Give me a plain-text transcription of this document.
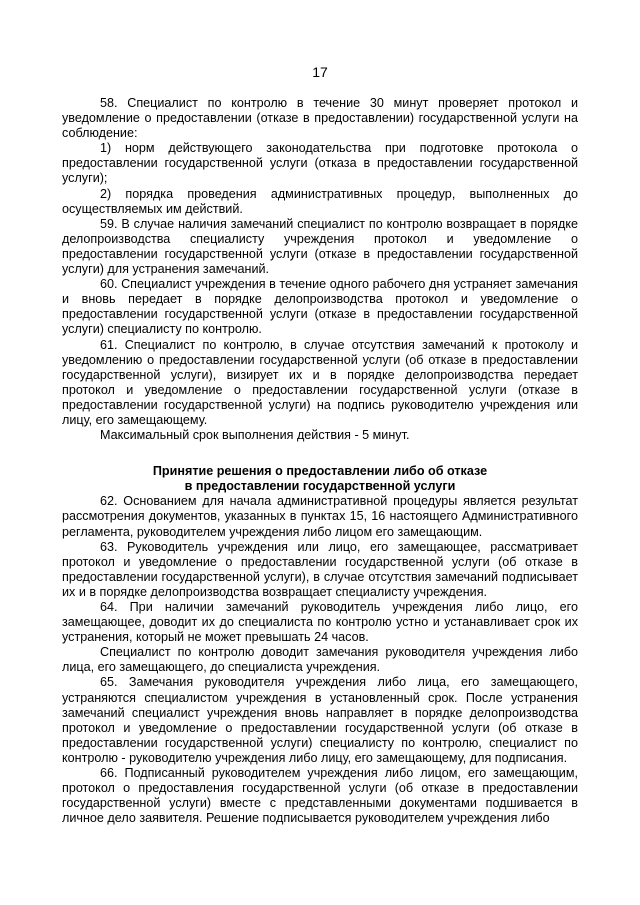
17

58. Специалист по контролю в течение 30 минут проверяет протокол и уведомление о предоставлении (отказе в предоставлении) государственной услуги на соблюдение:

1) норм действующего законодательства при подготовке протокола о предоставлении государственной услуги (отказа в предоставлении государственной услуги);

2) порядка проведения административных процедур, выполненных до осуществляемых им действий.

59. В случае наличия замечаний специалист по контролю возвращает в порядке делопроизводства специалисту учреждения протокол и уведомление о предоставлении государственной услуги (отказе в предоставлении государственной услуги) для устранения замечаний.

60. Специалист учреждения в течение одного рабочего дня устраняет замечания и вновь передает в порядке делопроизводства протокол и уведомление о предоставлении государственной услуги (отказе в предоставлении государственной услуги) специалисту по контролю.

61. Специалист по контролю, в случае отсутствия замечаний к протоколу и уведомлению о предоставлении государственной услуги (об отказе в предоставлении государственной услуги), визирует их и в порядке делопроизводства передает протокол и уведомление о предоставлении государственной услуги (отказе в предоставлении государственной услуги) на подпись руководителю учреждения или лицу, его замещающему.

Максимальный срок выполнения действия - 5 минут.

Принятие решения о предоставлении либо об отказе

в предоставлении государственной услуги

62. Основанием для начала административной процедуры является результат рассмотрения документов, указанных в пунктах 15, 16 настоящего Административного регламента, руководителем учреждения либо лицом его замещающим.

63. Руководитель учреждения или лицо, его замещающее, рассматривает протокол и уведомление о предоставлении государственной услуги (об отказе в предоставлении государственной услуги), в случае отсутствия замечаний подписывает их и в порядке делопроизводства возвращает специалисту учреждения.

64. При наличии замечаний руководитель учреждения либо лицо, его замещающее, доводит их до специалиста по контролю устно и устанавливает срок их устранения, который не может превышать 24 часов.

Специалист по контролю доводит замечания руководителя учреждения либо лица, его замещающего, до специалиста учреждения.

65. Замечания руководителя учреждения либо лица, его замещающего, устраняются специалистом учреждения в установленный срок. После устранения замечаний специалист учреждения вновь направляет в порядке делопроизводства протокол и уведомление о предоставлении государственной услуги (об отказе в предоставлении государственной услуги) специалисту по контролю, специалист по контролю - руководителю учреждения либо лицу, его замещающему, для подписания.

66. Подписанный руководителем учреждения либо лицом, его замещающим, протокол о предоставления государственной услуги (об отказе в предоставлении государственной услуги) вместе с представленными документами подшивается в личное дело заявителя. Решение подписывается руководителем учреждения либо
